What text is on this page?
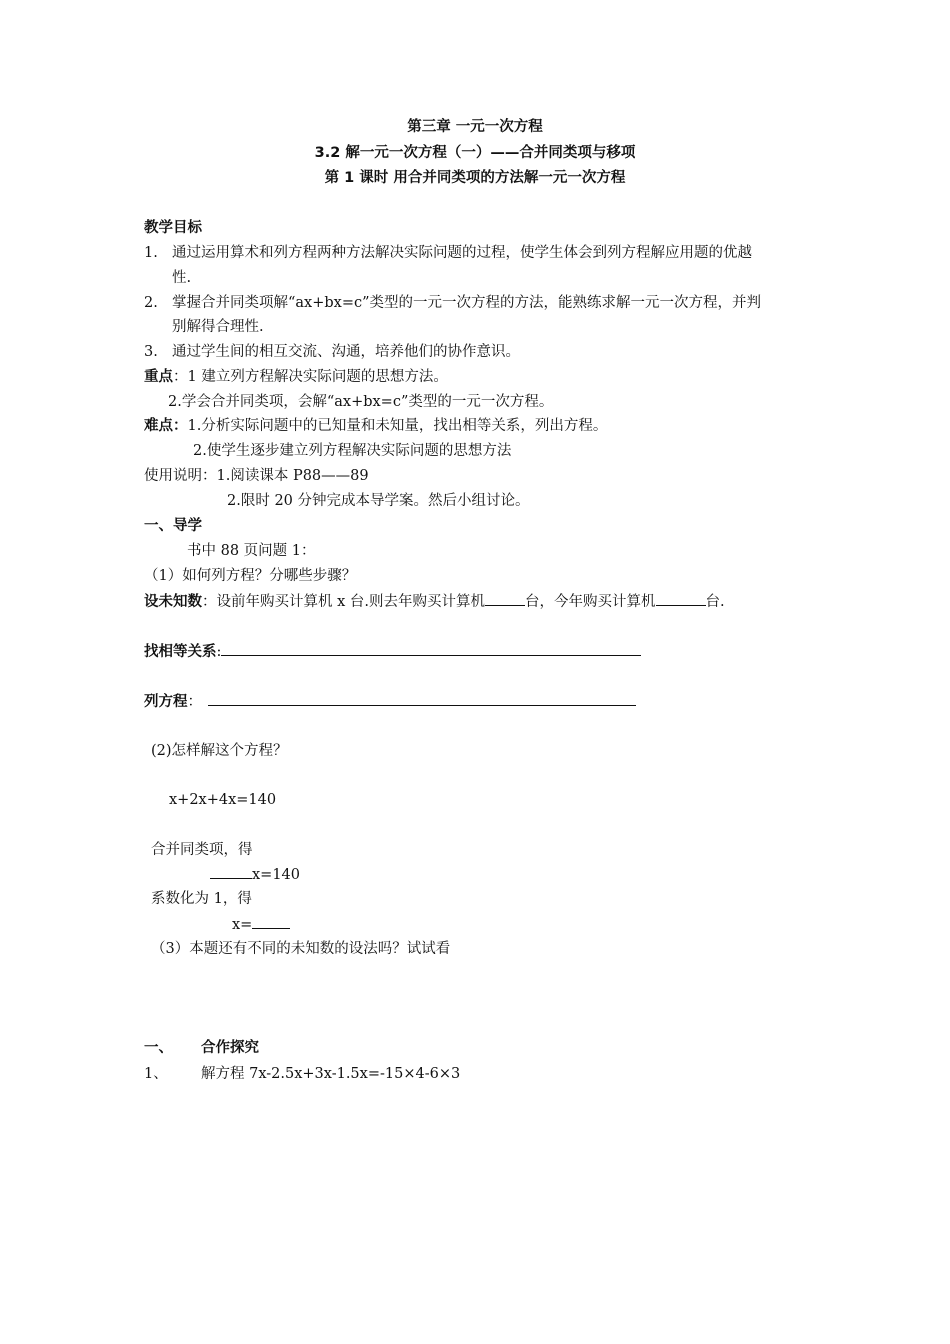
第三章 一元一次方程
3.2 解一元一次方程（一）——合并同类项与移项
第 1 课时 用合并同类项的方法解一元一次方程
教学目标
1. 通过运用算术和列方程两种方法解决实际问题的过程，使学生体会到列方程解应用题的优越
性.
2. 掌握合并同类项解“ax+bx=c”类型的一元一次方程的方法，能熟练求解一元一次方程，并判
别解得合理性.
3. 通过学生间的相互交流、沟通，培养他们的协作意识。
重点：1 建立列方程解决实际问题的思想方法。
2.学会合并同类项，会解“ax+bx=c”类型的一元一次方程。
难点：1.分析实际问题中的已知量和未知量，找出相等关系，列出方程。
2.使学生逐步建立列方程解决实际问题的思想方法
使用说明：1.阅读课本 P88——89
2.限时 20 分钟完成本导学案。然后小组讨论。
一、导学
书中 88 页问题 1：
（1）如何列方程？分哪些步骤？
设未知数：设前年购买计算机 x 台.则去年购买计算机	台，今年购买计算机	台.
找相等关系:
列方程：
(2)怎样解这个方程？
x+2x+4x=140
合并同类项，得
x=140
系数化为 1，得
x=
（3）本题还有不同的未知数的设法吗？试试看
一、 合作探究
1、 解方程 7x-2.5x+3x-1.5x=-15×4-6×3
